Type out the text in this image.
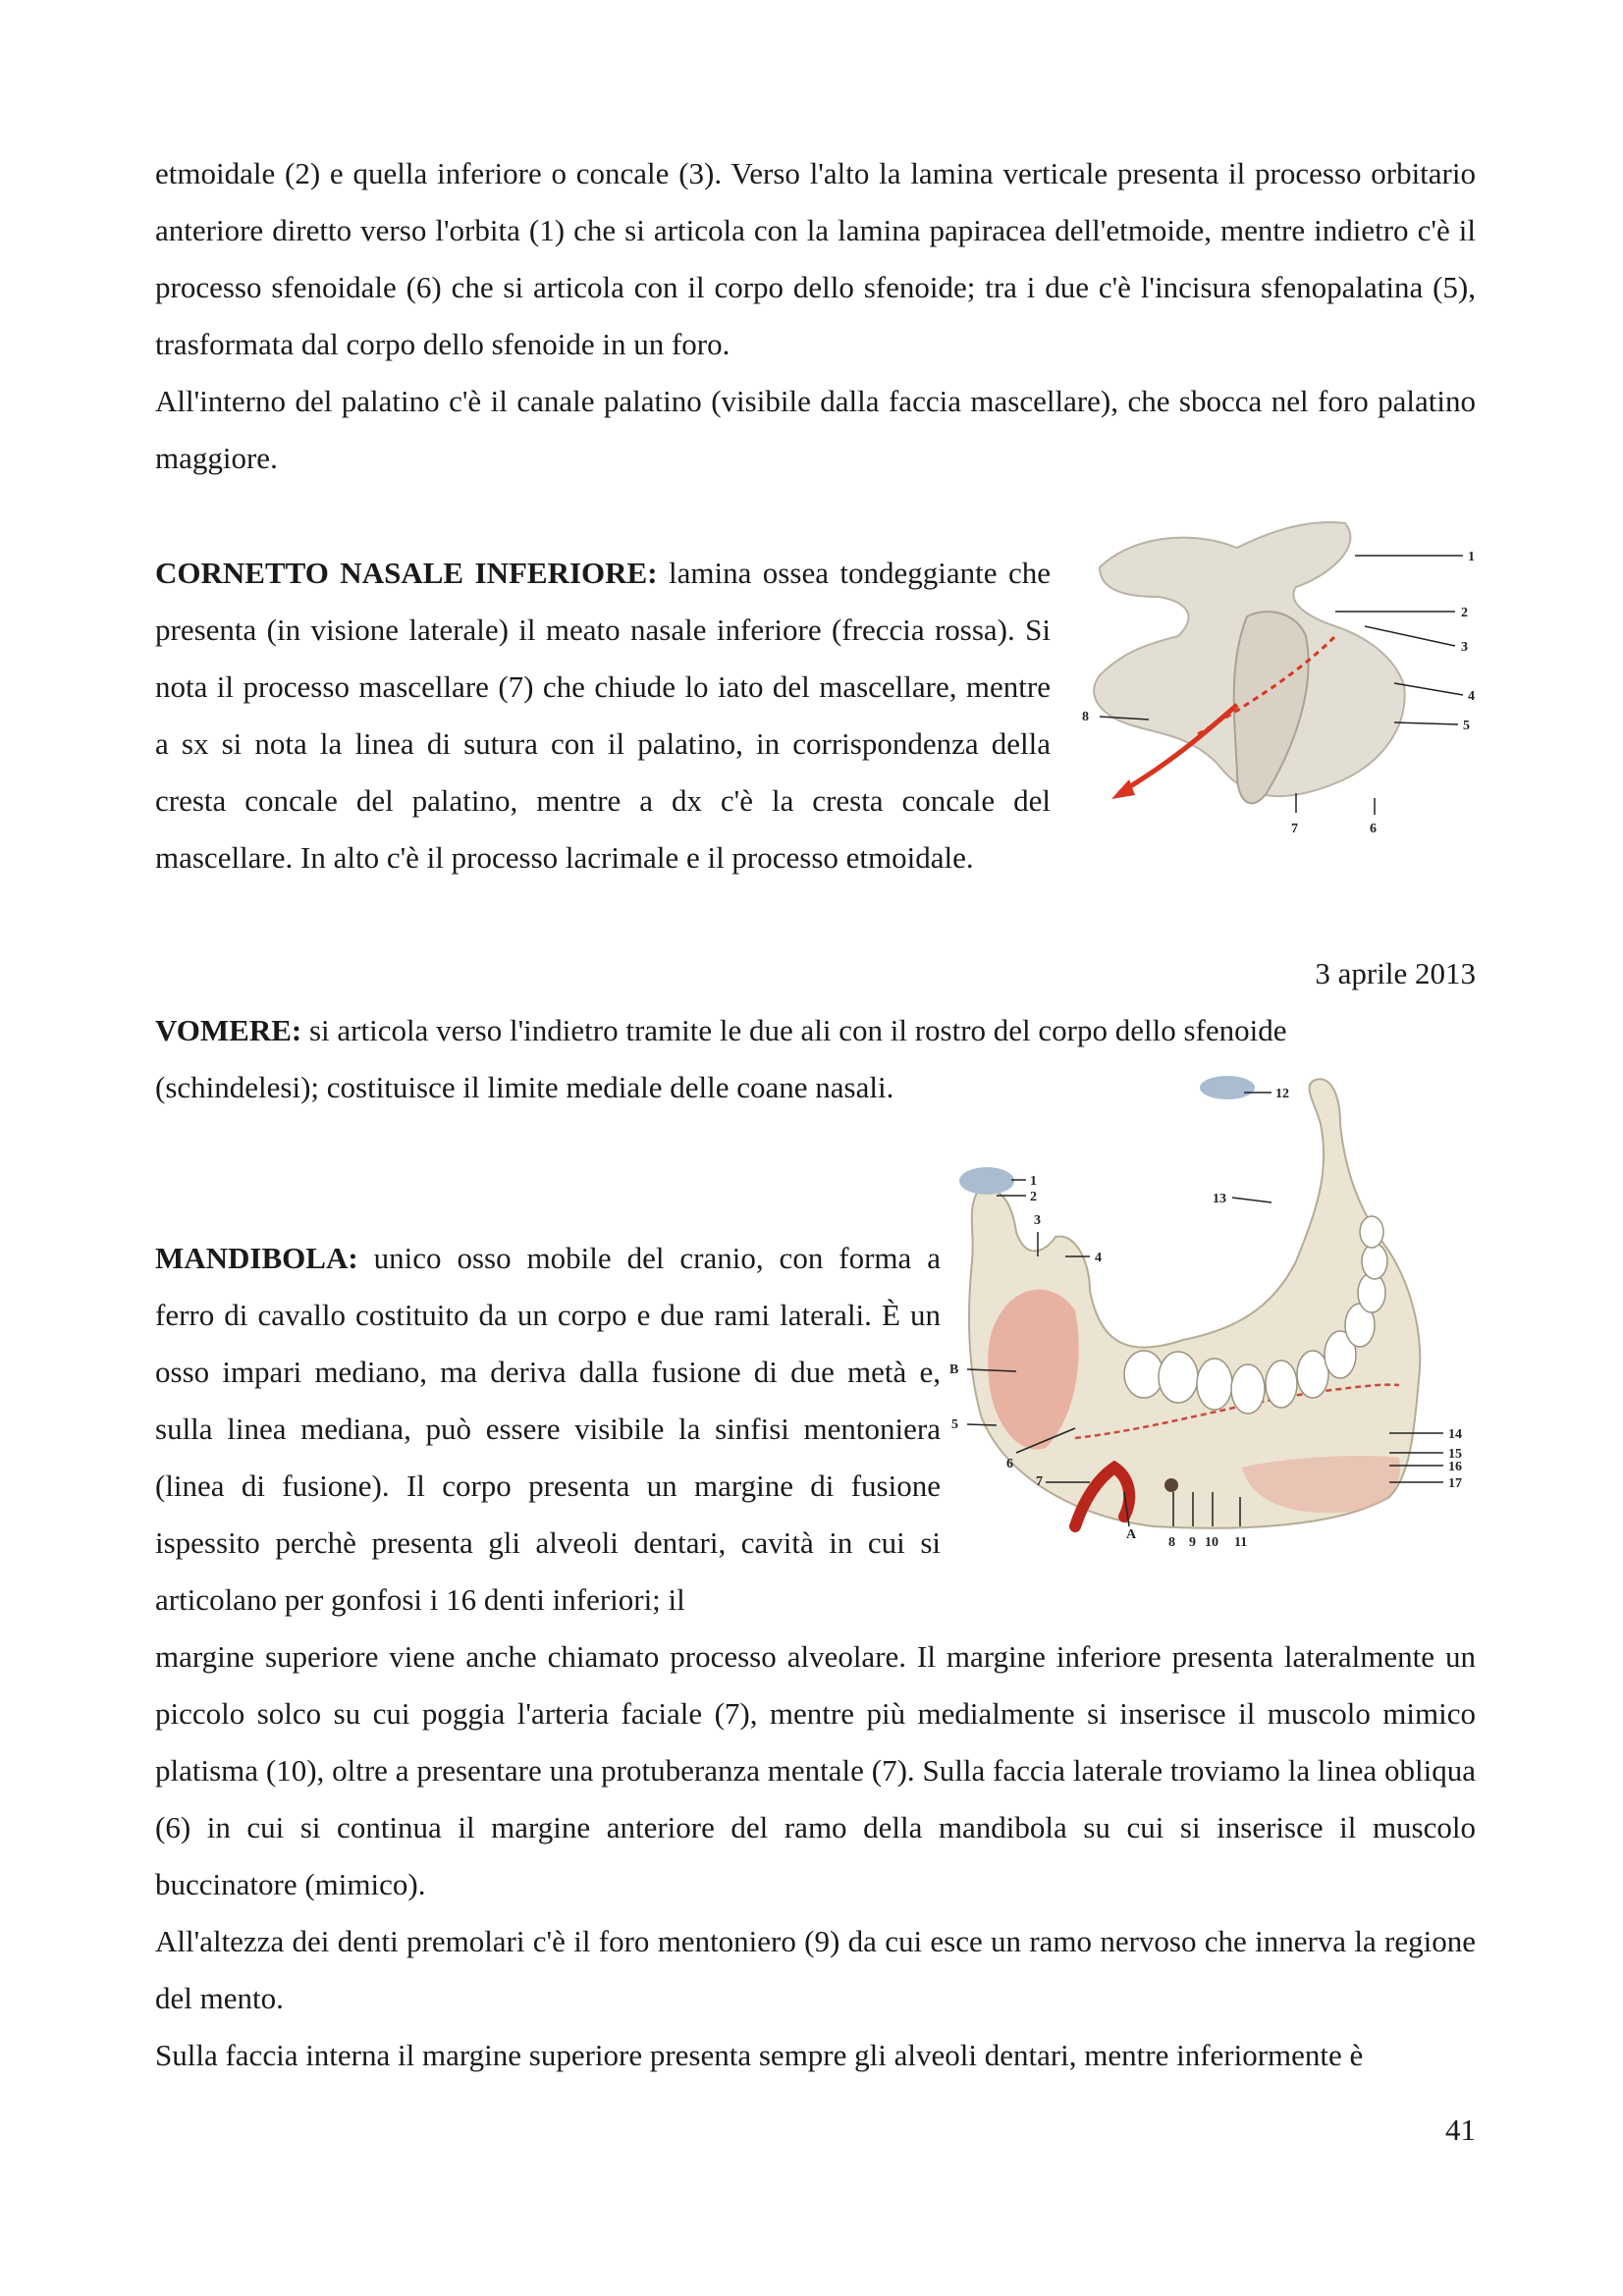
etmoidale (2) e quella inferiore o concale (3). Verso l'alto la lamina verticale presenta il processo orbitario anteriore diretto verso l'orbita (1) che si articola con la lamina papiracea dell'etmoide, mentre indietro c'è il processo sfenoidale (6) che si articola con il corpo dello sfenoide; tra i due c'è l'incisura sfenopalatina (5), trasformata dal corpo dello sfenoide in un foro.

All'interno del palatino c'è il canale palatino (visibile dalla faccia mascellare), che sbocca nel foro palatino maggiore.

CORNETTO NASALE INFERIORE: lamina ossea tondeggiante che presenta (in visione laterale) il meato nasale inferiore (freccia rossa). Si nota il processo mascellare (7) che chiude lo iato del mascellare, mentre a sx si nota la linea di sutura con il palatino, in corrispondenza della cresta concale del palatino, mentre a dx c'è la cresta concale del mascellare. In alto c'è il processo lacrimale e il processo etmoidale.

3 aprile 2013

VOMERE: si articola verso l'indietro tramite le due ali con il rostro del corpo dello sfenoide

(schindelesi); costituisce il limite mediale delle coane nasali.

MANDIBOLA: unico osso mobile del cranio, con forma a ferro di cavallo costituito da un corpo e due rami laterali. È un osso impari mediano, ma deriva dalla fusione di due metà e, sulla linea mediana, può essere visibile la sinfisi mentoniera (linea di fusione). Il corpo presenta un margine di fusione ispessito perchè presenta gli alveoli dentari, cavità in cui si articolano per gonfosi i 16 denti inferiori; il

margine superiore viene anche chiamato processo alveolare. Il margine inferiore presenta lateralmente un piccolo solco su cui poggia l'arteria faciale (7), mentre più medialmente si inserisce il muscolo mimico platisma (10), oltre a presentare una protuberanza mentale (7). Sulla faccia laterale troviamo la linea obliqua (6) in cui si continua il margine anteriore del ramo della mandibola su cui si inserisce il muscolo buccinatore (mimico).

All'altezza dei denti premolari c'è il foro mentoniero (9) da cui esce un ramo nervoso che innerva la regione del mento.

Sulla faccia interna il margine superiore presenta sempre gli alveoli dentari, mentre inferiormente è

41
1
2
3
4
5
6
7
8
1
2
3
4
5
6
7
8 9 10 11
12
13
14
15
16
17
A
B
